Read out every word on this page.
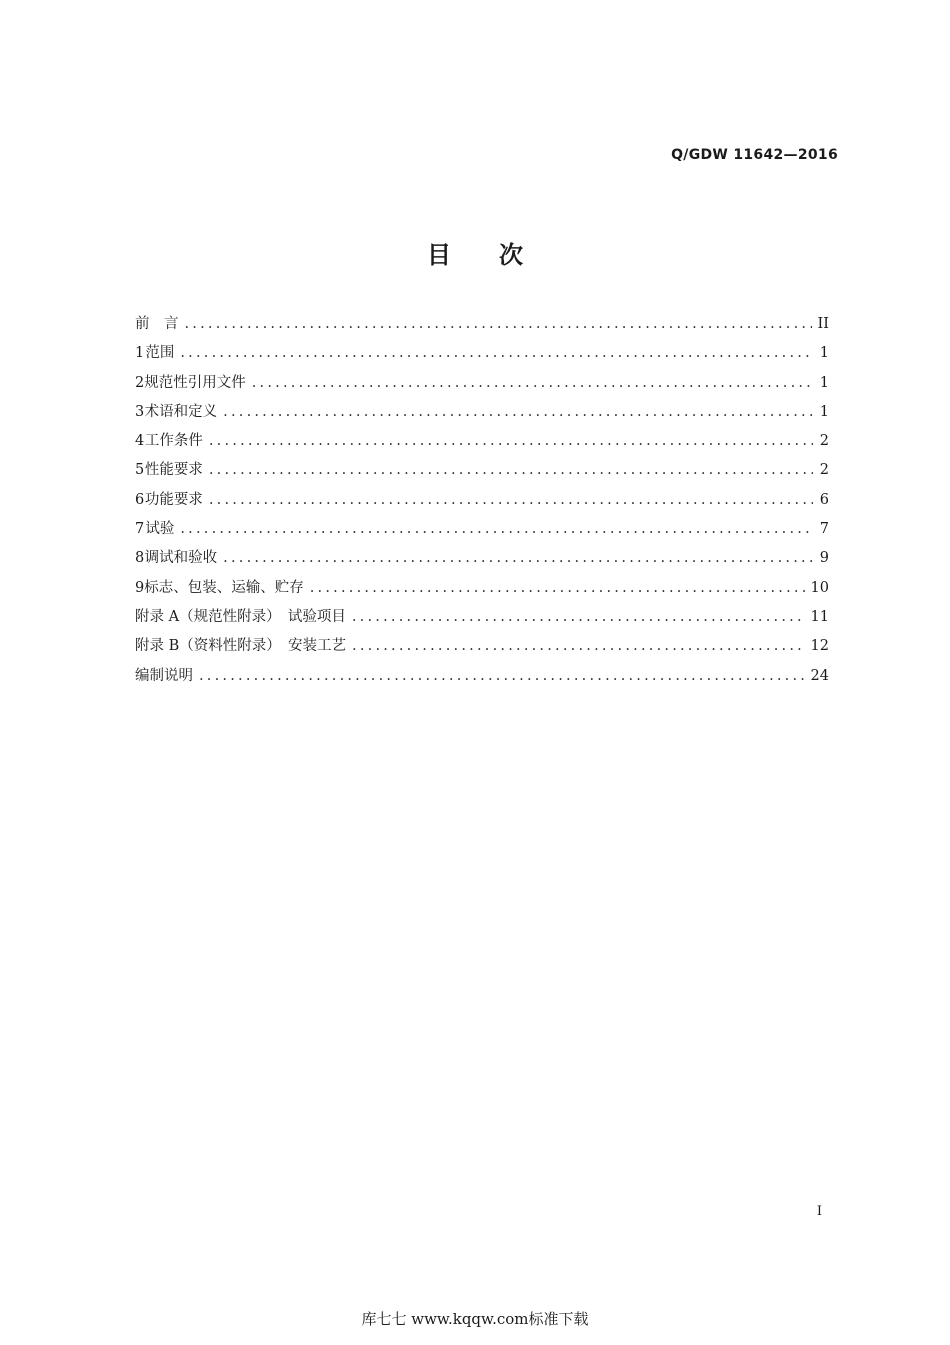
Q/GDW 11642—2016
目 次
前　言 .....	II
1 范围 .....	1
2 规范性引用文件 .....	1
3 术语和定义 .....	1
4 工作条件 .....	2
5 性能要求 .....	2
6 功能要求 .....	6
7 试验 .....	7
8 调试和验收 .....	9
9 标志、包装、运输、贮存 .....	10
附录 A（规范性附录）　试验项目 .....	11
附录 B（资料性附录）　安装工艺 .....	12
编制说明 .....	24
I
库七七 www.kqqw.com标准下载
